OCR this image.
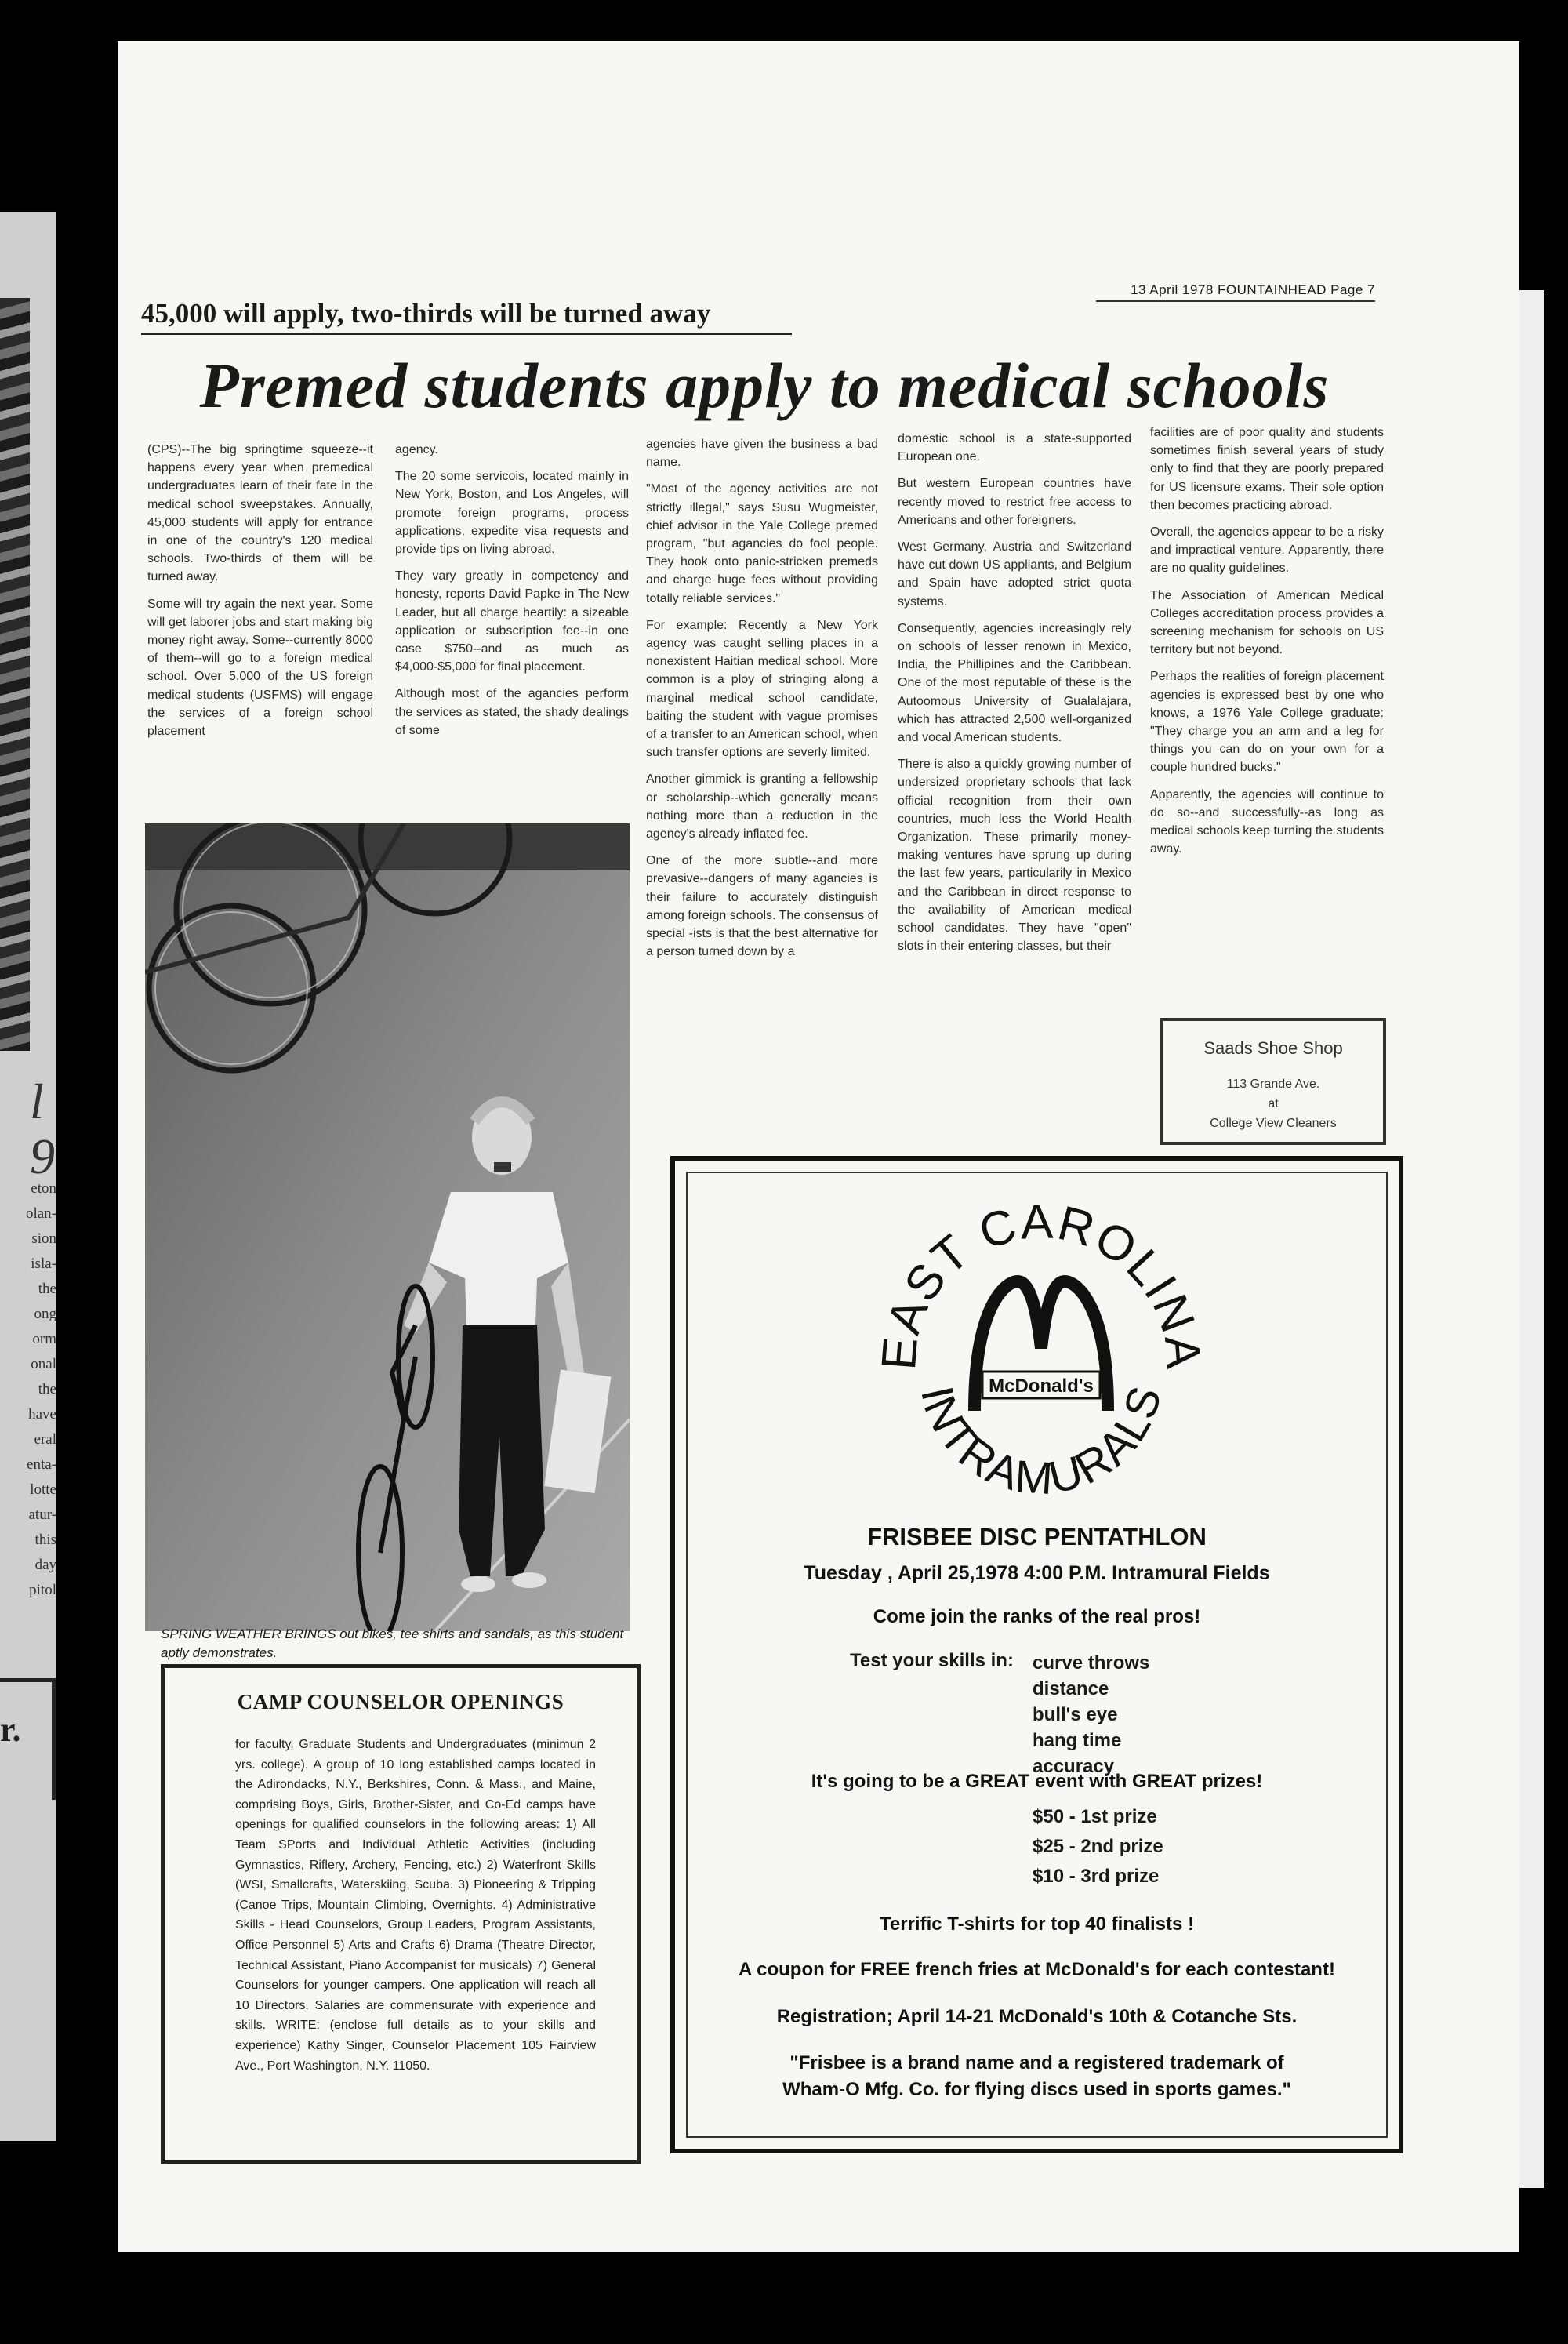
l
9
eton
olan-
sion
isla-
the
ong
orm
onal
the
have
eral
enta-
lotte
atur-
this
day
pitol
r.
13 April 1978 FOUNTAINHEAD Page 7
45,000 will apply, two-thirds will be turned away
Premed students apply to medical schools

(CPS)--The big springtime squeeze--it happens every year when premedical undergraduates learn of their fate in the medical school sweepstakes. Annually, 45,000 students will apply for entrance in one of the country's 120 medical schools. Two-thirds of them will be turned away.

Some will try again the next year. Some will get laborer jobs and start making big money right away. Some--currently 8000 of them--will go to a foreign medical school. Over 5,000 of the US foreign medical students (USFMS) will engage the services of a foreign school placement

agency.

The 20 some servicois, located mainly in New York, Boston, and Los Angeles, will promote foreign programs, process applications, expedite visa requests and provide tips on living abroad.

They vary greatly in competency and honesty, reports David Papke in The New Leader, but all charge heartily: a sizeable application or subscription fee--in one case $750--and as much as $4,000-$5,000 for final placement.

Although most of the agancies perform the services as stated, the shady dealings of some

agencies have given the business a bad name.

"Most of the agency activities are not strictly illegal," says Susu Wugmeister, chief advisor in the Yale College premed program, "but agancies do fool people. They hook onto panic-stricken premeds and charge huge fees without providing totally reliable services."

For example: Recently a New York agency was caught selling places in a nonexistent Haitian medical school. More common is a ploy of stringing along a marginal medical school candidate, baiting the student with vague promises of a transfer to an American school, when such transfer options are severly limited.

Another gimmick is granting a fellowship or scholarship--which generally means nothing more than a reduction in the agency's already inflated fee.

One of the more subtle--and more prevasive--dangers of many agancies is their failure to accurately distinguish among foreign schools. The consensus of special -ists is that the best alternative for a person turned down by a

domestic school is a state-supported European one.

But western European countries have recently moved to restrict free access to Americans and other foreigners.

West Germany, Austria and Switzerland have cut down US appliants, and Belgium and Spain have adopted strict quota systems.

Consequently, agencies increasingly rely on schools of lesser renown in Mexico, India, the Phillipines and the Caribbean. One of the most reputable of these is the Autoomous University of Gualalajara, which has attracted 2,500 well-organized and vocal American students.

There is also a quickly growing number of undersized proprietary schools that lack official recognition from their own countries, much less the World Health Organization. These primarily money-making ventures have sprung up during the last few years, particularily in Mexico and the Caribbean in direct response to the availability of American medical school candidates. They have "open" slots in their entering classes, but their

facilities are of poor quality and students sometimes finish several years of study only to find that they are poorly prepared for US licensure exams. Their sole option then becomes practicing abroad.

Overall, the agencies appear to be a risky and impractical venture. Apparently, there are no quality guidelines.

The Association of American Medical Colleges accreditation process provides a screening mechanism for schools on US territory but not beyond.

Perhaps the realities of foreign placement agencies is expressed best by one who knows, a 1976 Yale College graduate: "They charge you an arm and a leg for things you can do on your own for a couple hundred bucks."

Apparently, the agencies will continue to do so--and successfully--as long as medical schools keep turning the students away.

SPRING WEATHER BRINGS out bikes, tee shirts and sandals, as this student aptly demonstrates.
CAMP COUNSELOR OPENINGS
for faculty, Graduate Students and Undergraduates (minimun 2 yrs. college). A group of 10 long established camps located in the Adirondacks, N.Y., Berkshires, Conn. & Mass., and Maine, comprising Boys, Girls, Brother-Sister, and Co-Ed camps have openings for qualified counselors in the following areas: 1) All Team SPorts and Individual Athletic Activities (including Gymnastics, Riflery, Archery, Fencing, etc.) 2) Waterfront Skills (WSI, Smallcrafts, Waterskiing, Scuba. 3) Pioneering & Tripping (Canoe Trips, Mountain Climbing, Overnights. 4) Administrative Skills - Head Counselors, Group Leaders, Program Assistants, Office Personnel 5) Arts and Crafts 6) Drama (Theatre Director, Technical Assistant, Piano Accompanist for musicals) 7) General Counselors for younger campers. One application will reach all 10 Directors. Salaries are commensurate with experience and skills. WRITE: (enclose full details as to your skills and experience) Kathy Singer, Counselor Placement 105 Fairview Ave., Port Washington, N.Y. 11050.
Saads Shoe Shop
113 Grande Ave.
at
College View Cleaners
EAST CAROLINA
INTRAMURALS
McDonald's
FRISBEE DISC PENTATHLON
Tuesday , April 25,1978 4:00 P.M. Intramural Fields
Come join the ranks of the real pros!
Test your skills in:	curve throws
distance
bull's eye
hang time
accuracy
It's going to be a GREAT event with GREAT prizes!
$50 - 1st prize
$25 - 2nd prize
$10 - 3rd prize
Terrific T-shirts for top 40 finalists !
A coupon for FREE french fries at McDonald's for each contestant!
Registration; April 14-21 McDonald's 10th & Cotanche Sts.
"Frisbee is a brand name and a registered trademark of Wham-O Mfg. Co. for flying discs used in sports games."
